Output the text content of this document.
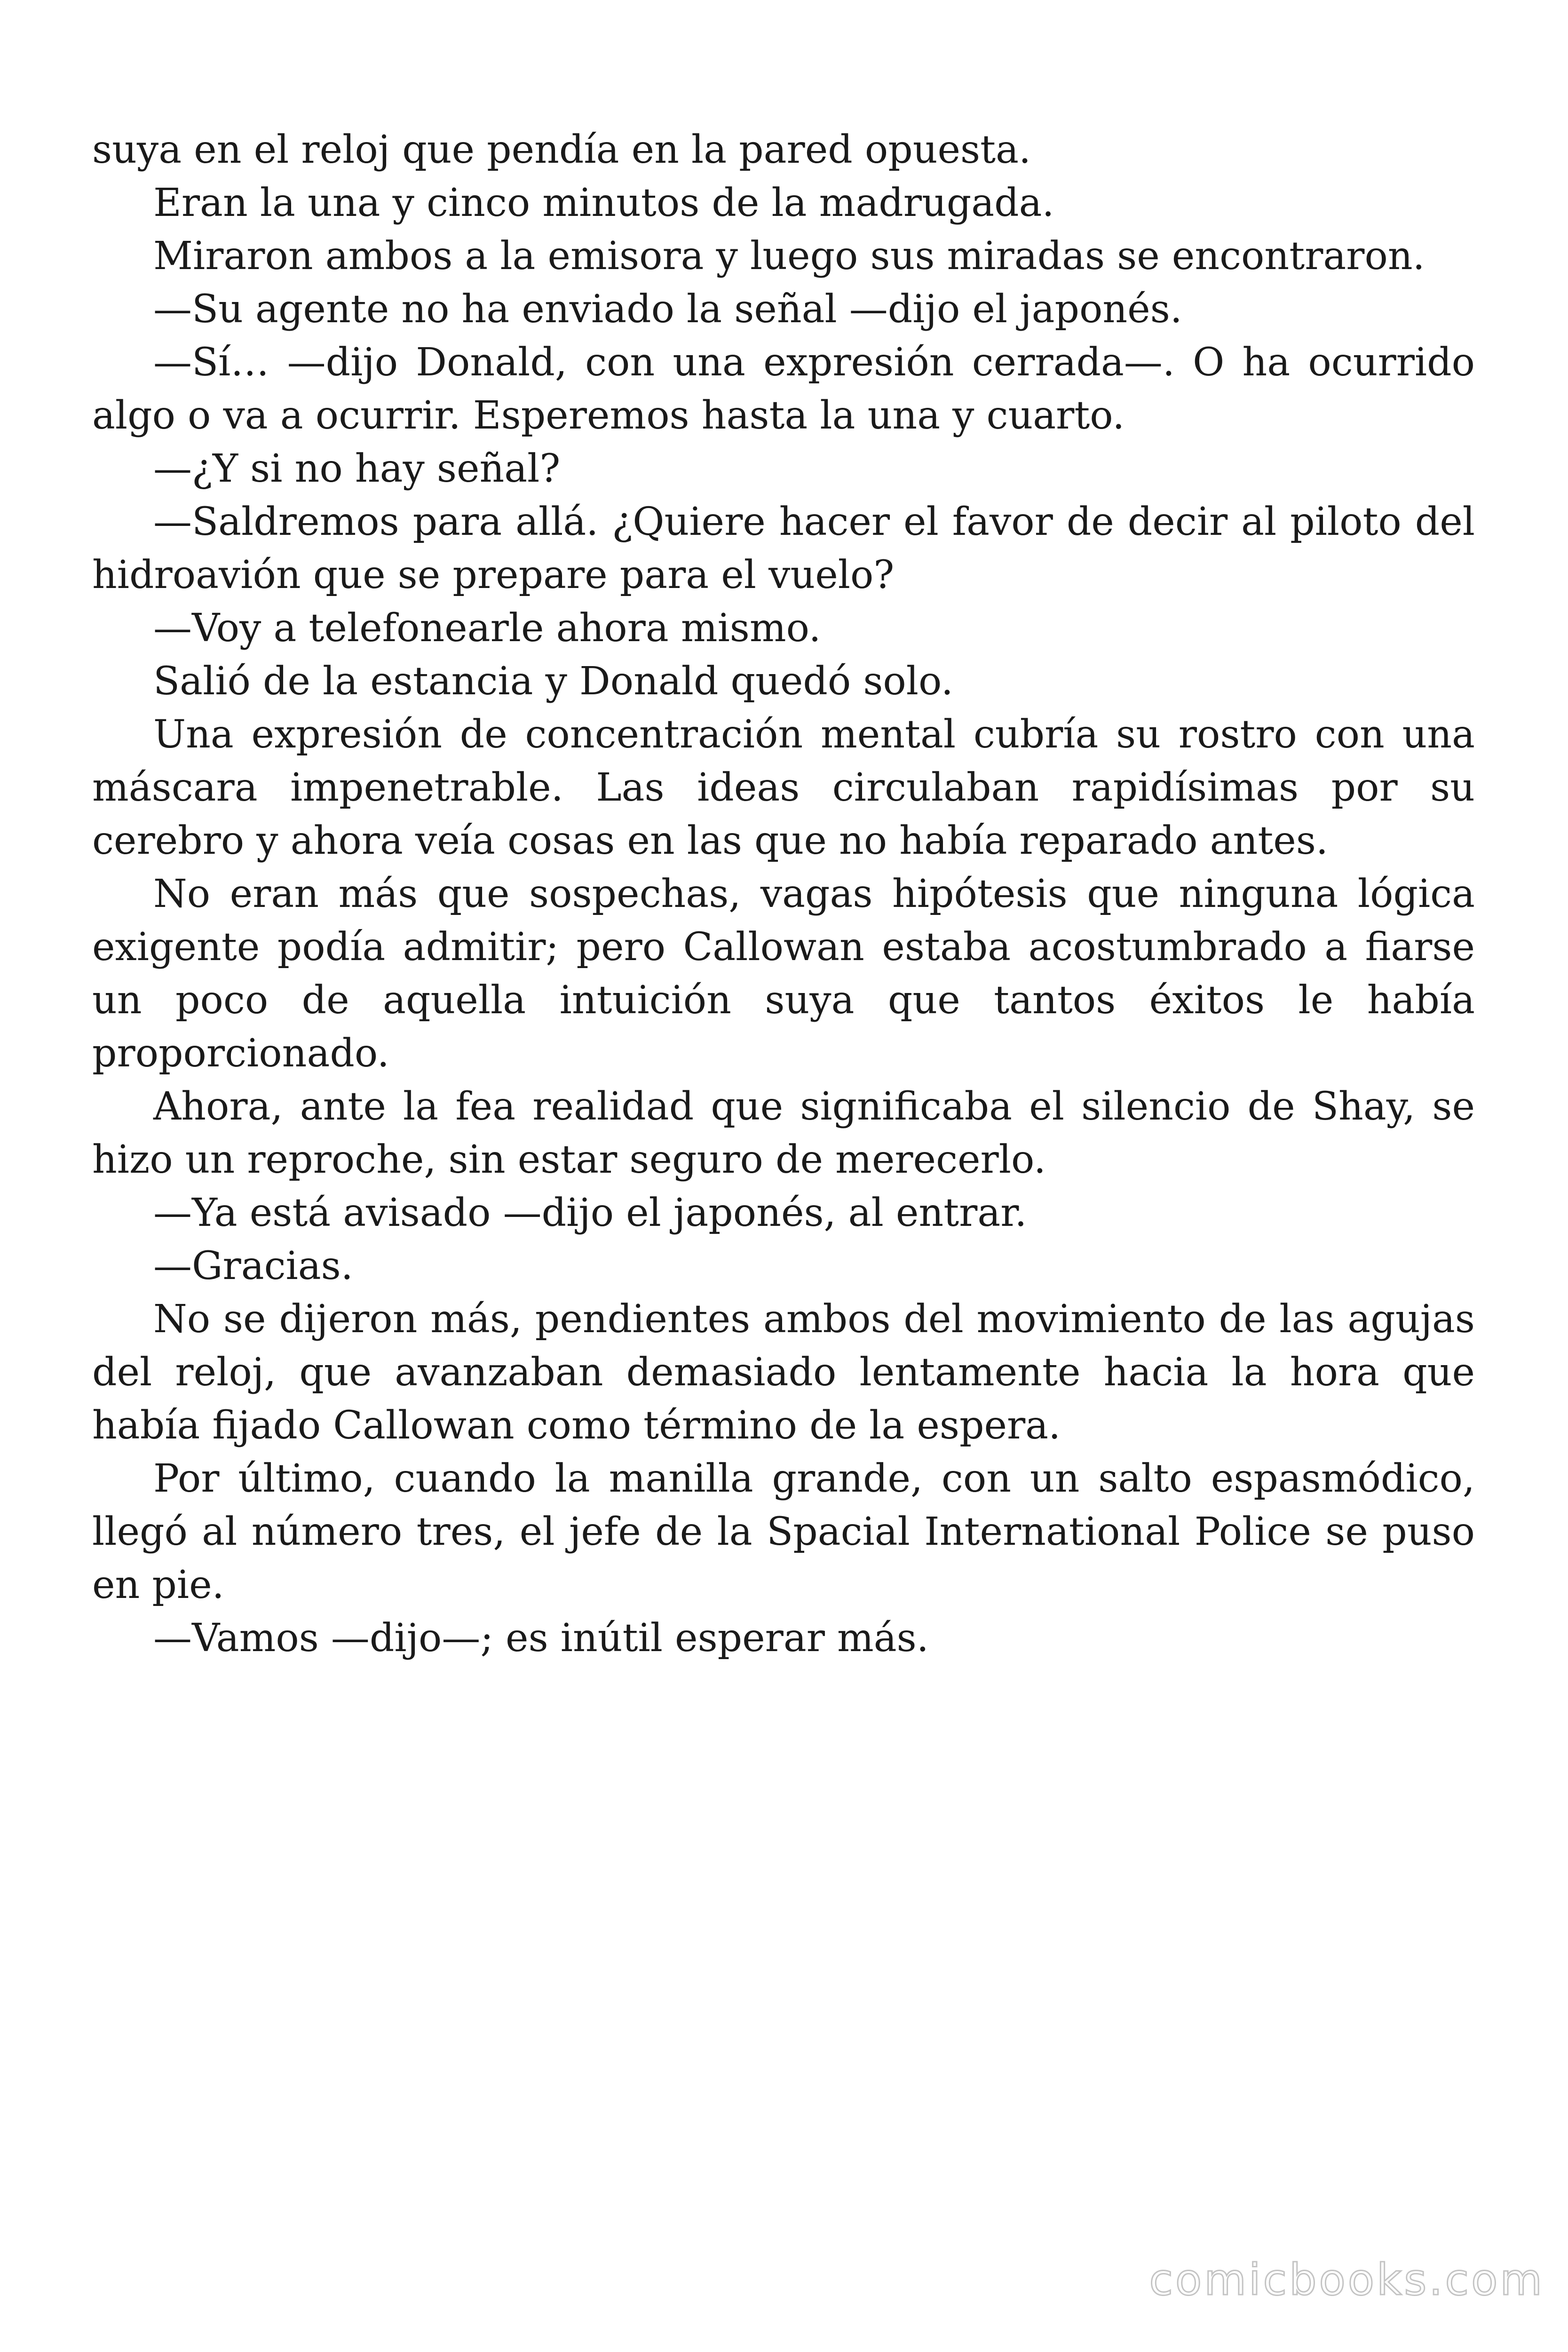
suya en el reloj que pendía en la pared opuesta.

Eran la una y cinco minutos de la madrugada.

Miraron ambos a la emisora y luego sus miradas se encontraron.

—Su agente no ha enviado la señal —dijo el japonés.

—Sí… —dijo Donald, con una expresión cerrada—. O ha ocurrido algo o va a ocurrir. Esperemos hasta la una y cuarto.

—¿Y si no hay señal?

—Saldremos para allá. ¿Quiere hacer el favor de decir al piloto del hidroavión que se prepare para el vuelo?

—Voy a telefonearle ahora mismo.

Salió de la estancia y Donald quedó solo.

Una expresión de concentración mental cubría su rostro con una máscara impenetrable. Las ideas circulaban rapidísimas por su cerebro y ahora veía cosas en las que no había reparado antes.

No eran más que sospechas, vagas hipótesis que ninguna lógica exigente podía admitir; pero Callowan estaba acostumbrado a fiarse un poco de aquella intuición suya que tantos éxitos le había proporcionado.

Ahora, ante la fea realidad que significaba el silencio de Shay, se hizo un reproche, sin estar seguro de merecerlo.

—Ya está avisado —dijo el japonés, al entrar.

—Gracias.

No se dijeron más, pendientes ambos del movimiento de las agujas del reloj, que avanzaban demasiado lentamente hacia la hora que había fijado Callowan como término de la espera.

Por último, cuando la manilla grande, con un salto espasmódico, llegó al número tres, el jefe de la Spacial International Police se puso en pie.

—Vamos —dijo—; es inútil esperar más.

comicbooks.com
